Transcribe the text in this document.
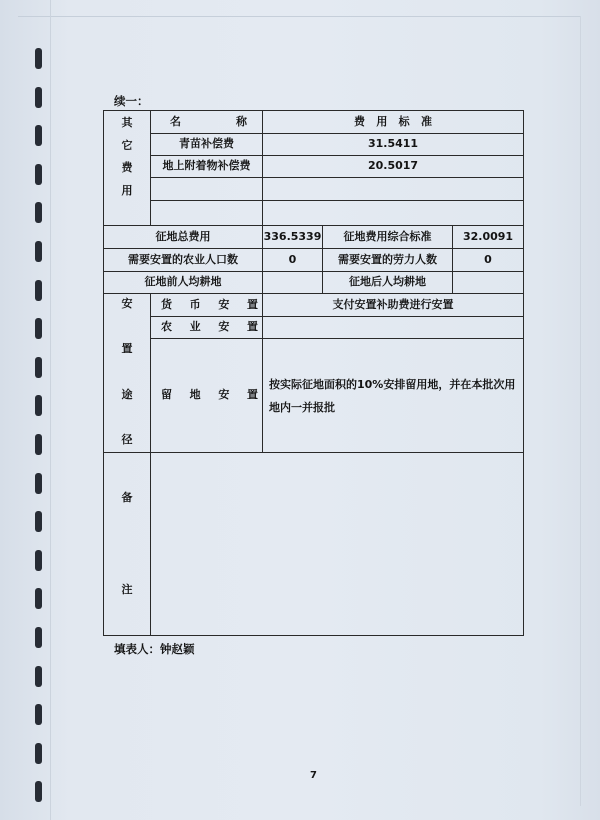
续一：
其
它
费
用	名 称	费 用 标 准		

	青苗补偿费	31.5411		
	地上附着物补偿费	20.5017		

征地总费用		336.5339	征地费用综合标准	32.0091
需要安置的农业人口数		0	需要安置的劳力人数	0
征地前人均耕地			征地后人均耕地	

安
置
途
径	货 币 安 置	支付安置补助费进行安置		

	农 业 安 置			

	留 地 安 置	按实际征地面积的10%安排留用地，并在本批次用地内一并报批		

备
注				

填表人：钟赵颖
7
